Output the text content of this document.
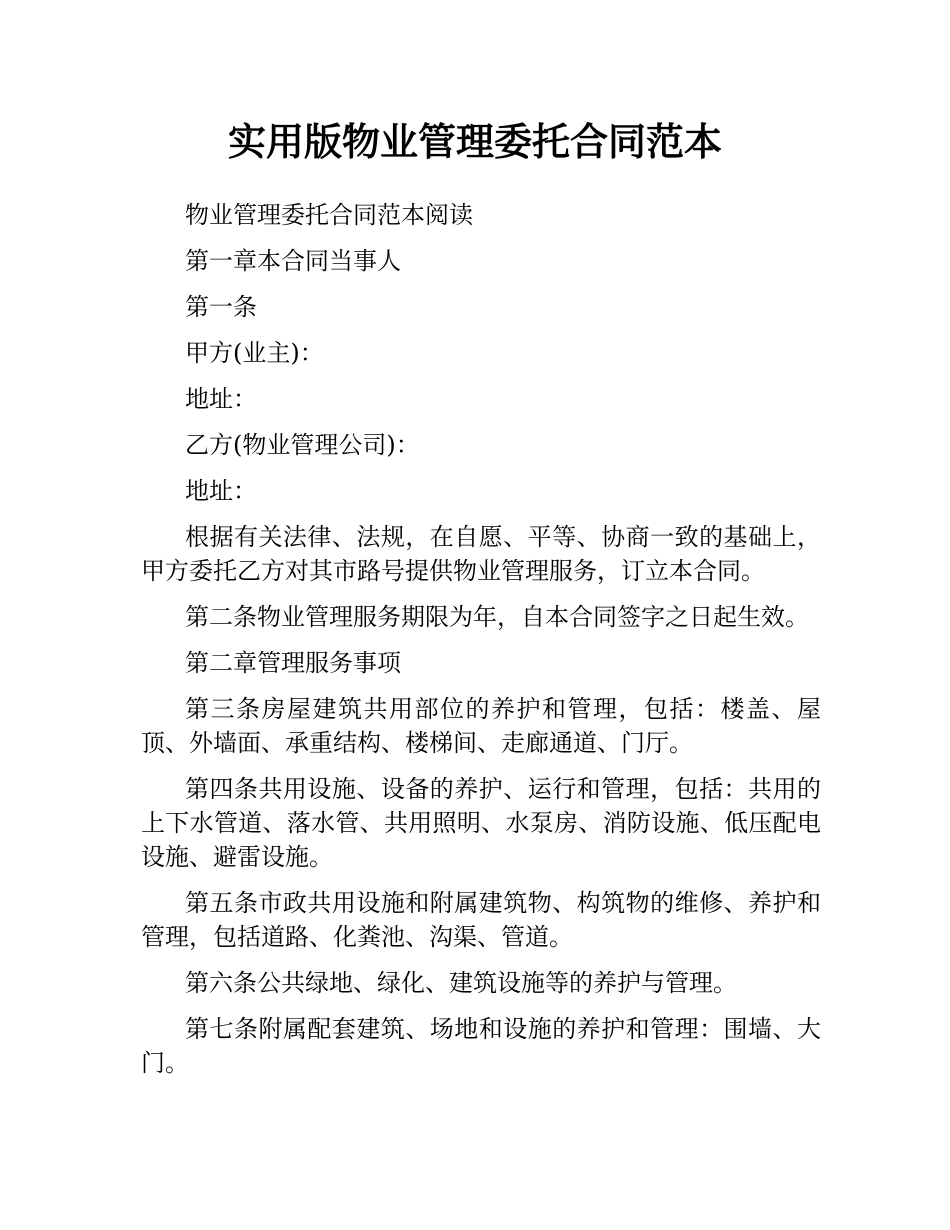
实用版物业管理委托合同范本

物业管理委托合同范本阅读

第一章本合同当事人

第一条

甲方(业主)：

地址：

乙方(物业管理公司)：

地址：

根据有关法律、法规，在自愿、平等、协商一致的基础上，甲方委托乙方对其市路号提供物业管理服务，订立本合同。

第二条物业管理服务期限为年，自本合同签字之日起生效。

第二章管理服务事项

第三条房屋建筑共用部位的养护和管理，包括：楼盖、屋顶、外墙面、承重结构、楼梯间、走廊通道、门厅。

第四条共用设施、设备的养护、运行和管理，包括：共用的上下水管道、落水管、共用照明、水泵房、消防设施、低压配电设施、避雷设施。

第五条市政共用设施和附属建筑物、构筑物的维修、养护和管理，包括道路、化粪池、沟渠、管道。

第六条公共绿地、绿化、建筑设施等的养护与管理。

第七条附属配套建筑、场地和设施的养护和管理：围墙、大门。
